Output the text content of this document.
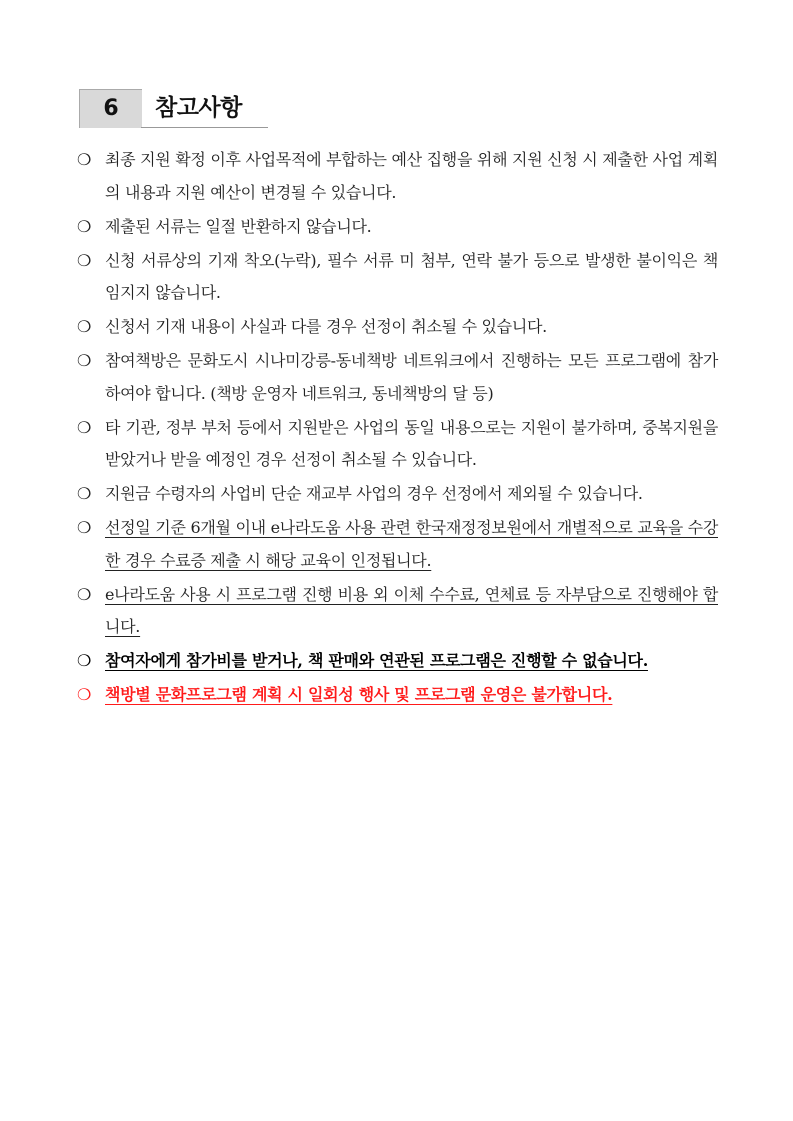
6	참고사항
❍ 최종 지원 확정 이후 사업목적에 부합하는 예산 집행을 위해 지원 신청 시 제출한 사업 계획의 내용과 지원 예산이 변경될 수 있습니다.
❍ 제출된 서류는 일절 반환하지 않습니다.
❍ 신청 서류상의 기재 착오(누락), 필수 서류 미 첨부, 연락 불가 등으로 발생한 불이익은 책임지지 않습니다.
❍ 신청서 기재 내용이 사실과 다를 경우 선정이 취소될 수 있습니다.
❍ 참여책방은 문화도시 시나미강릉-동네책방 네트워크에서 진행하는 모든 프로그램에 참가하여야 합니다. (책방 운영자 네트워크, 동네책방의 달 등)
❍ 타 기관, 정부 부처 등에서 지원받은 사업의 동일 내용으로는 지원이 불가하며, 중복지원을 받았거나 받을 예정인 경우 선정이 취소될 수 있습니다.
❍ 지원금 수령자의 사업비 단순 재교부 사업의 경우 선정에서 제외될 수 있습니다.
❍ 선정일 기준 6개월 이내 e나라도움 사용 관련 한국재정정보원에서 개별적으로 교육을 수강한 경우 수료증 제출 시 해당 교육이 인정됩니다.
❍ e나라도움 사용 시 프로그램 진행 비용 외 이체 수수료, 연체료 등 자부담으로 진행해야 합니다.
❍ 참여자에게 참가비를 받거나, 책 판매와 연관된 프로그램은 진행할 수 없습니다.
❍ 책방별 문화프로그램 계획 시 일회성 행사 및 프로그램 운영은 불가합니다.
